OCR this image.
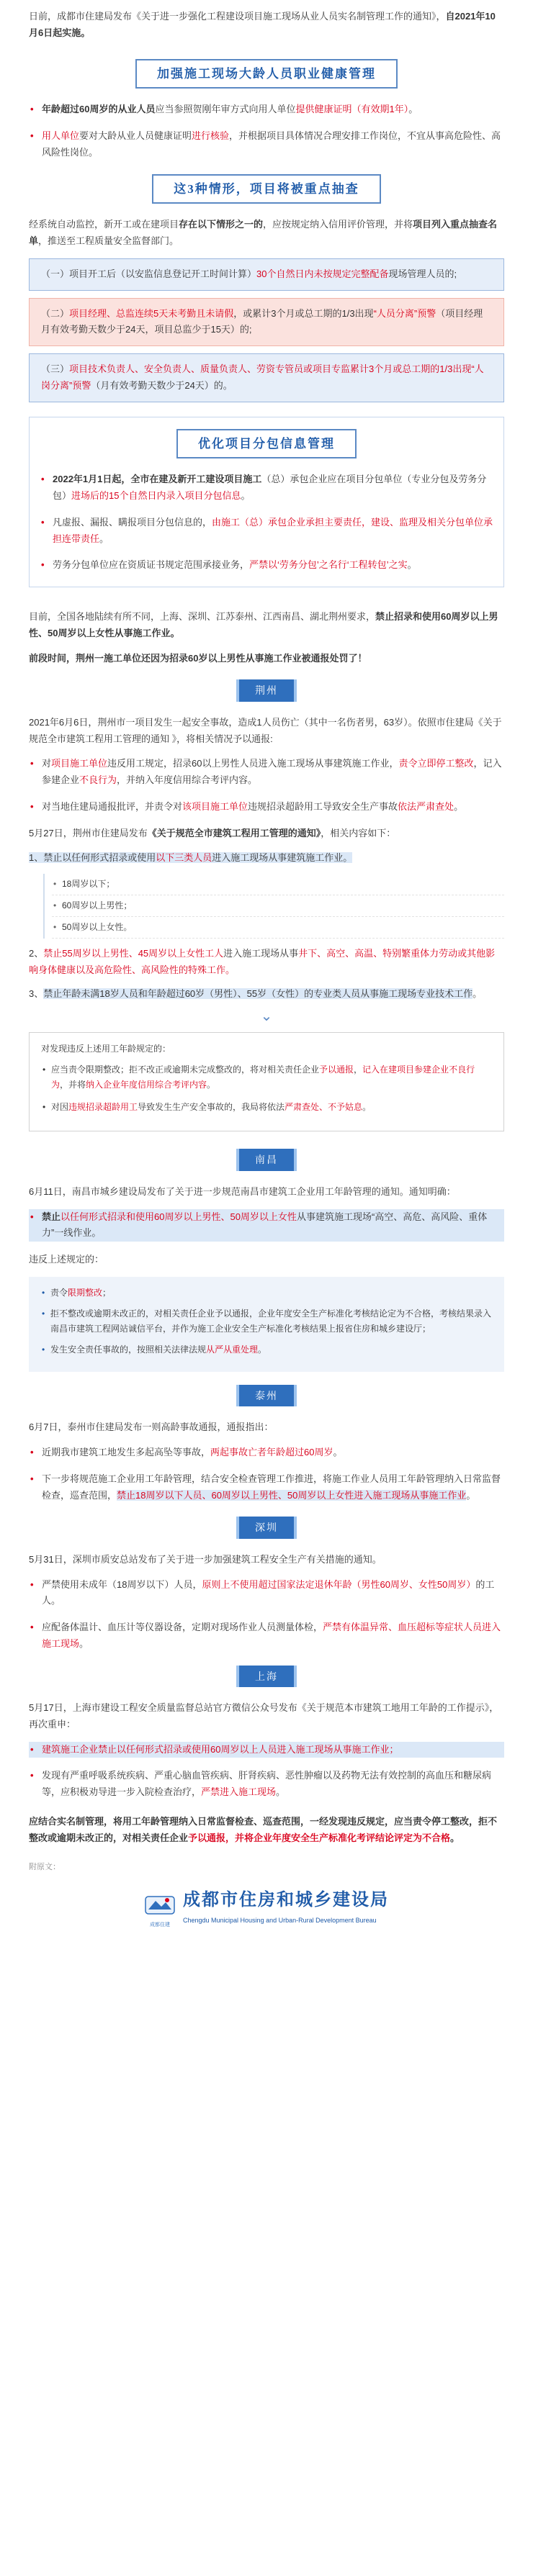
日前，成都市住建局发布《关于进一步强化工程建设项目施工现场从业人员实名制管理工作的通知》，自2021年10月6日起实施。

加强施工现场大龄人员职业健康管理
• 年龄超过60周岁的从业人员应当参照贺刚年审方式向用人单位提供健康证明（有效期1年）。
• 用人单位要对大龄从业人员健康证明进行核验，并根据项目具体情况合理安排工作岗位，不宜从事高危险性、高风险性岗位。
这3种情形，项目将被重点抽查

经系统自动监控，新开工或在建项目存在以下情形之一的，应按规定纳入信用评价管理，并将项目列入重点抽查名单，推送至工程质量安全监督部门。

（一）项目开工后（以安监信息登记开工时间计算）30个自然日内未按规定完整配备现场管理人员的;
（二）项目经理、总监连续5天未考勤且未请假，或累计3个月或总工期的1/3出现“人员分离”预警（项目经理月有效考勤天数少于24天，项目总监少于15天）的;
（三）项目技术负责人、安全负责人、质量负责人、劳资专管员或项目专监累计3个月或总工期的1/3出现“人岗分离”预警（月有效考勤天数少于24天）的。
优化项目分包信息管理
• 2022年1月1日起，全市在建及新开工建设项目施工（总）承包企业应在项目分包单位（专业分包及劳务分包）进场后的15个自然日内录入项目分包信息。
• 凡虚报、漏报、瞒报项目分包信息的，由施工（总）承包企业承担主要责任，建设、监理及相关分包单位承担连带责任。
• 劳务分包单位应在资质证书规定范围承接业务，严禁以‘劳务分包’之名行‘工程转包’之实。

目前，全国各地陆续有所不同，上海、深圳、江苏泰州、江西南昌、湖北荆州要求，禁止招录和使用60周岁以上男性、50周岁以上女性从事施工作业。

前段时间，荆州一施工单位还因为招录60岁以上男性从事施工作业被通报处罚了！

荆州

2021年6月6日，荆州市一项目发生一起安全事故，造成1人员伤亡（其中一名伤者男，63岁）。依照市住建局《关于规范全市建筑工程用工管理的通知 》，将相关情况予以通报:

• 对项目施工单位违反用工规定，招录60以上男性人员进入施工现场从事建筑施工作业，责令立即停工整改，记入参建企业不良行为，并纳入年度信用综合考评内容。
• 对当地住建局通报批评，并责令对该项目施工单位违规招录超龄用工导致安全生产事故依法严肃查处。

5月27日，荆州市住建局发布《关于规范全市建筑工程用工管理的通知》，相关内容如下：

1、禁止以任何形式招录或使用以下三类人员进入施工现场从事建筑施工作业。

• 18周岁以下；
• 60周岁以上男性；
• 50周岁以上女性。

2、禁止55周岁以上男性、45周岁以上女性工人进入施工现场从事井下、高空、高温、特别繁重体力劳动或其他影响身体健康以及高危险性、高风险性的特殊工作。

3、禁止年龄未满18岁人员和年龄超过60岁（男性）、55岁（女性）的专业类人员从事施工现场专业技术工作。

⌄

对发现违反上述用工年龄规定的：

• 应当责令限期整改；拒不改正或逾期未完成整改的，将对相关责任企业予以通报，记入在建项目参建企业不良行为，并将纳入企业年度信用综合考评内容。
• 对因违规招录超龄用工导致发生生产安全事故的，我局将依法严肃查处、不予姑息。
南昌

6月11日，南昌市城乡建设局发布了关于进一步规范南昌市建筑工企业用工年龄管理的通知。通知明确：

• 禁止以任何形式招录和使用60周岁以上男性、50周岁以上女性从事建筑施工现场“高空、高危、高风险、重体力”一线作业。

违反上述规定的：

• 责令限期整改；
• 拒不整改或逾期未改正的，对相关责任企业予以通报，企业年度安全生产标准化考核结论定为不合格，考核结果录入南昌市建筑工程网站诚信平台，并作为施工企业安全生产标准化考核结果上报省住房和城乡建设厅；
• 发生安全责任事故的，按照相关法律法规从严从重处理。
泰州

6月7日，泰州市住建局发布一则高龄事故通报，通报指出：

• 近期我市建筑工地发生多起高坠等事故，两起事故亡者年龄超过60周岁。
• 下一步将规范施工企业用工年龄管理，结合安全检查管理工作推进，将施工作业人员用工年龄管理纳入日常监督检查，巡查范围，禁止18周岁以下人员、60周岁以上男性、50周岁以上女性进入施工现场从事施工作业。
深圳

5月31日，深圳市质安总站发布了关于进一步加强建筑工程安全生产有关措施的通知。

• 严禁使用未成年（18周岁以下）人员，原则上不使用超过国家法定退休年龄（男性60周岁、女性50周岁）的工人。
• 应配备体温计、血压计等仪器设备，定期对现场作业人员测量体检，严禁有体温异常、血压超标等症状人员进入施工现场。
上海

5月17日，上海市建设工程安全质量监督总站官方微信公众号发布《关于规范本市建筑工地用工年龄的工作提示》，再次重申：

• 建筑施工企业禁止以任何形式招录或使用60周岁以上人员进入施工现场从事施工作业；
• 发现有严重呼吸系统疾病、严重心脑血管疾病、肝肾疾病、恶性肿瘤以及药物无法有效控制的高血压和糖尿病等，应积极劝导进一步入院检查治疗，严禁进入施工现场。

应结合实名制管理，将用工年龄管理纳入日常监督检查、巡查范围，一经发现违反规定，应当责令停工整改，拒不整改或逾期未改正的，对相关责任企业予以通报，并将企业年度安全生产标准化考评结论评定为不合格。

附原文：

成都住建
成都市住房和城乡建设局
Chengdu Municipal Housing and Urban-Rural Development Bureau
